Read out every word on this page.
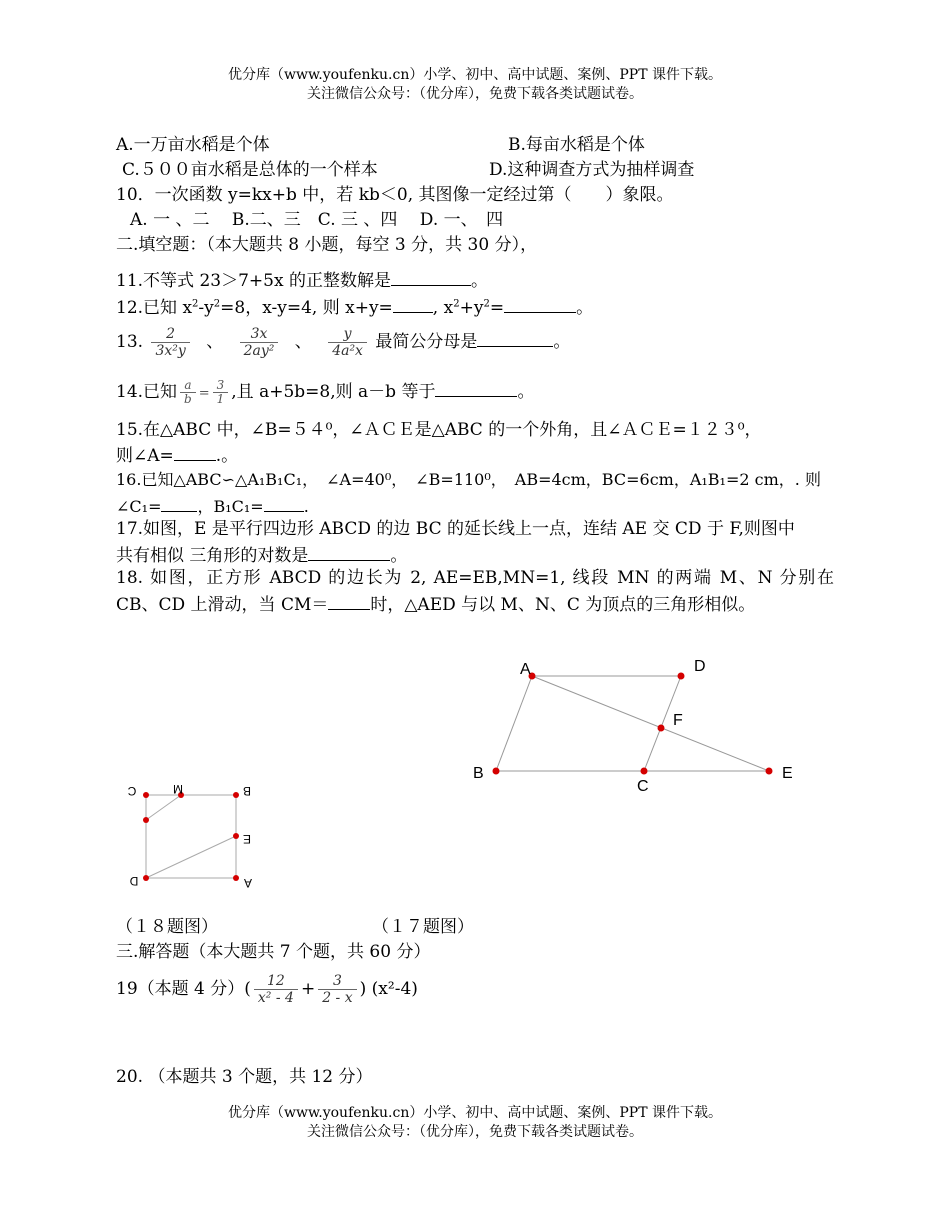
优分库（www.youfenku.cn）小学、初中、高中试题、案例、PPT 课件下载。
关注微信公众号：（优分库），免费下载各类试题试卷。
A.一万亩水稻是个体	B.每亩水稻是个体
C.５００亩水稻是总体的一个样本	D.这种调查方式为抽样调查
10．一次函数 y=kx+b 中，若 kb＜0, 其图像一定经过第（　　）象限。
A. 一 、二　 B.二、三　C. 三 、四　 D. 一、　四
二.填空题：（本大题共 8 小题，每空 3 分，共 30 分），
11.不等式 23＞7+5x 的正整数解是	。
12.已知 $x^2-y^2=8$，x-y=4, 则 x+y= , $x^2+y^2=$	。
13. $\frac{2}{\text{3x²y}}$ 、 $\frac{3x}{\text{2ay²}}$ 、 $\frac{y}{\text{4a²x}}$ 最简公分母是	。
14.已知 $\frac{a}{b} = \frac{3}{1}$ ,且 a+5b=8,则 a－b 等于	。
15.在△ABC 中，∠B=５４⁰，∠ＡＣＥ是△ABC 的一个外角，且∠ＡＣＥ=１２３⁰，
则∠A= .。
16.已知△ABC∽△A₁B₁C₁，　∠A=40⁰，　∠B=110⁰，　AB=4cm，BC=6cm，A₁B₁=2 cm，. 则
∠C₁= ，B₁C₁=	.
17.如图，E 是平行四边形 ABCD 的边 BC 的延长线上一点，连结 AE 交 CD 于 F,则图中
共有相似 三角形的对数是	。
18. 如图，正方形 ABCD 的边长为 2, AE=EB,MN=1, 线段 MN 的两端 M、N 分别在
CB、CD 上滑动，当 CM＝ 时，△AED 与以 M、N、C 为顶点的三角形相似。
A	D
F
B
C
E
C	M	B
E
D	A
（１８题图）	（１７题图）
三.解答题（本大题共 7 个题，共 60 分）
19（本题 4 分）( $\frac{12}{\text{x² - 4}} + \frac{3}{2 - x}$ ) (x²-4)
20. （本题共 3 个题，共 12 分）
优分库（www.youfenku.cn）小学、初中、高中试题、案例、PPT 课件下载。
关注微信公众号：（优分库），免费下载各类试题试卷。
